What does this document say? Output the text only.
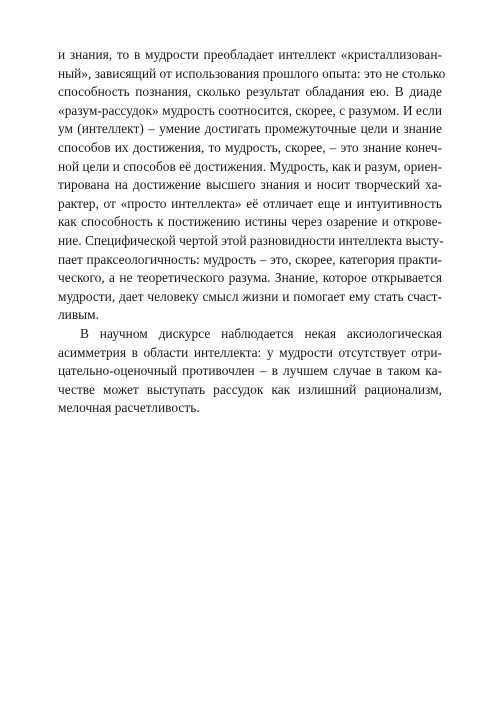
и знания, то в мудрости преобладает интеллект «кристаллизован-
ный», зависящий от использования прошлого опыта: это не столько
способность познания, сколько результат обладания ею. В диаде
«разум-рассудок» мудрость соотносится, скорее, с разумом. И если
ум (интеллект) – умение достигать промежуточные цели и знание
способов их достижения, то мудрость, скорее, – это знание конеч-
ной цели и способов её достижения. Мудрость, как и разум, ориен-
тирована на достижение высшего знания и носит творческий ха-
рактер, от «просто интеллекта» её отличает еще и интуитивность
как способность к постижению истины через озарение и открове-
ние. Специфической чертой этой разновидности интеллекта высту-
пает праксеологичность: мудрость – это, скорее, категория практи-
ческого, а не теоретического разума. Знание, которое открывается
мудрости, дает человеку смысл жизни и помогает ему стать счаст-
ливым.
В научном дискурсе наблюдается некая аксиологическая
асимметрия в области интеллекта: у мудрости отсутствует отри-
цательно-оценочный противочлен – в лучшем случае в таком ка-
честве может выступать рассудок как излишний рационализм,
мелочная расчетливость.
